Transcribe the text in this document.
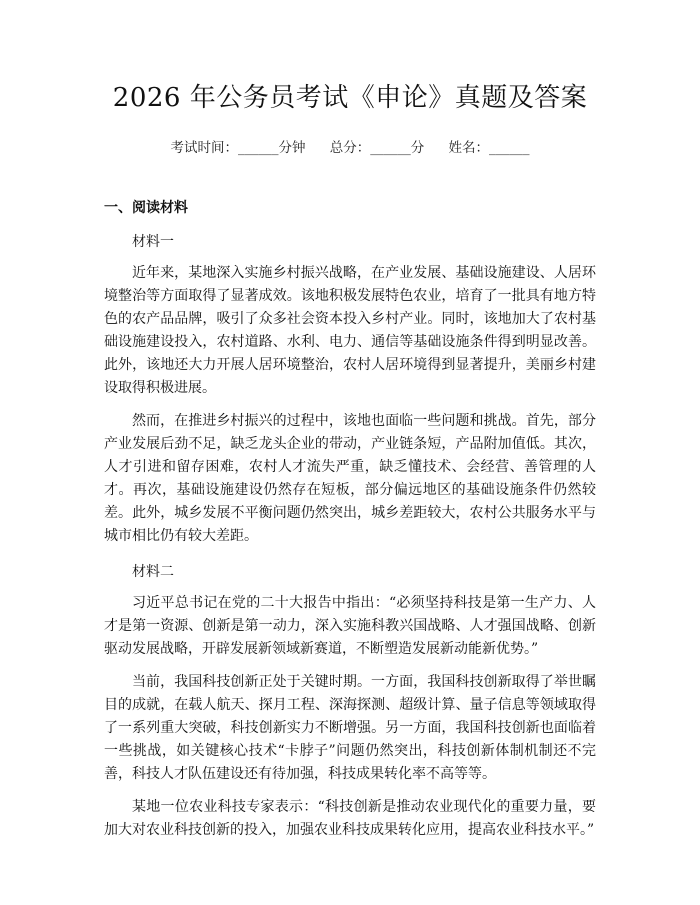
2026 年公务员考试《申论》真题及答案
考试时间：______分钟 总分：______分 姓名：______
一、阅读材料
材料一

近年来，某地深入实施乡村振兴战略，在产业发展、基础设施建设、人居环境整治等方面取得了显著成效。该地积极发展特色农业，培育了一批具有地方特色的农产品品牌，吸引了众多社会资本投入乡村产业。同时，该地加大了农村基础设施建设投入，农村道路、水利、电力、通信等基础设施条件得到明显改善。此外，该地还大力开展人居环境整治，农村人居环境得到显著提升，美丽乡村建设取得积极进展。

然而，在推进乡村振兴的过程中，该地也面临一些问题和挑战。首先，部分产业发展后劲不足，缺乏龙头企业的带动，产业链条短，产品附加值低。其次，人才引进和留存困难，农村人才流失严重，缺乏懂技术、会经营、善管理的人才。再次，基础设施建设仍然存在短板，部分偏远地区的基础设施条件仍然较差。此外，城乡发展不平衡问题仍然突出，城乡差距较大，农村公共服务水平与城市相比仍有较大差距。

材料二

习近平总书记在党的二十大报告中指出：“必须坚持科技是第一生产力、人才是第一资源、创新是第一动力，深入实施科教兴国战略、人才强国战略、创新驱动发展战略，开辟发展新领域新赛道，不断塑造发展新动能新优势。”

当前，我国科技创新正处于关键时期。一方面，我国科技创新取得了举世瞩目的成就，在载人航天、探月工程、深海探测、超级计算、量子信息等领域取得了一系列重大突破，科技创新实力不断增强。另一方面，我国科技创新也面临着一些挑战，如关键核心技术“卡脖子”问题仍然突出，科技创新体制机制还不完善，科技人才队伍建设还有待加强，科技成果转化率不高等等。

某地一位农业科技专家表示：“科技创新是推动农业现代化的重要力量，要加大对农业科技创新的投入，加强农业科技成果转化应用，提高农业科技水平。”
